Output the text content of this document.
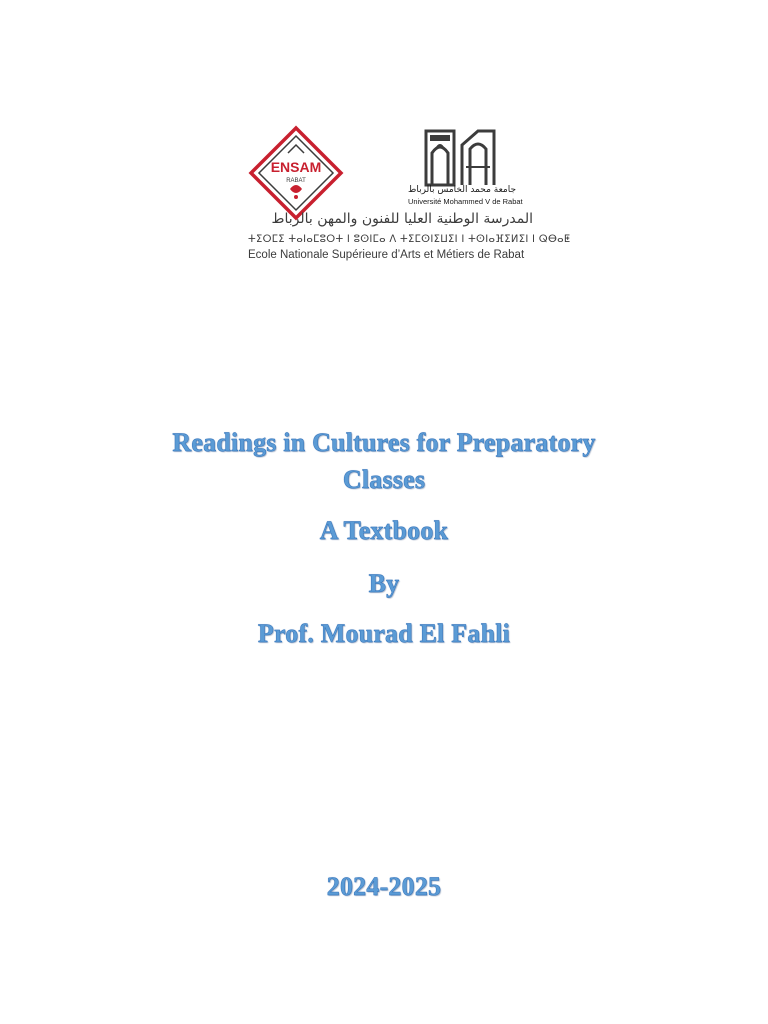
ENSAM
RABAT
جامعة محمد الخامس بالرباط
Université Mohammed V de Rabat
المدرسة الوطنية العليا للفنون والمهن بالرباط
ⵜⵉⵔⵎⵉ ⵜⴰⵏⴰⵎⵓⵔⵜ ⵏ ⵓⵙⵏⵎⴰ ⴷ ⵜⵉⵎⵙⵏⵉⵡⵉⵏ ⵏ ⵜⵙⵏⴰⴼⵉⵍⵉⵏ ⵏ ⵕⴱⴰⵟ
Ecole Nationale Supérieure d’Arts et Métiers de Rabat
Readings in Cultures for Preparatory
Classes
A Textbook
By
Prof. Mourad El Fahli
2024-2025
